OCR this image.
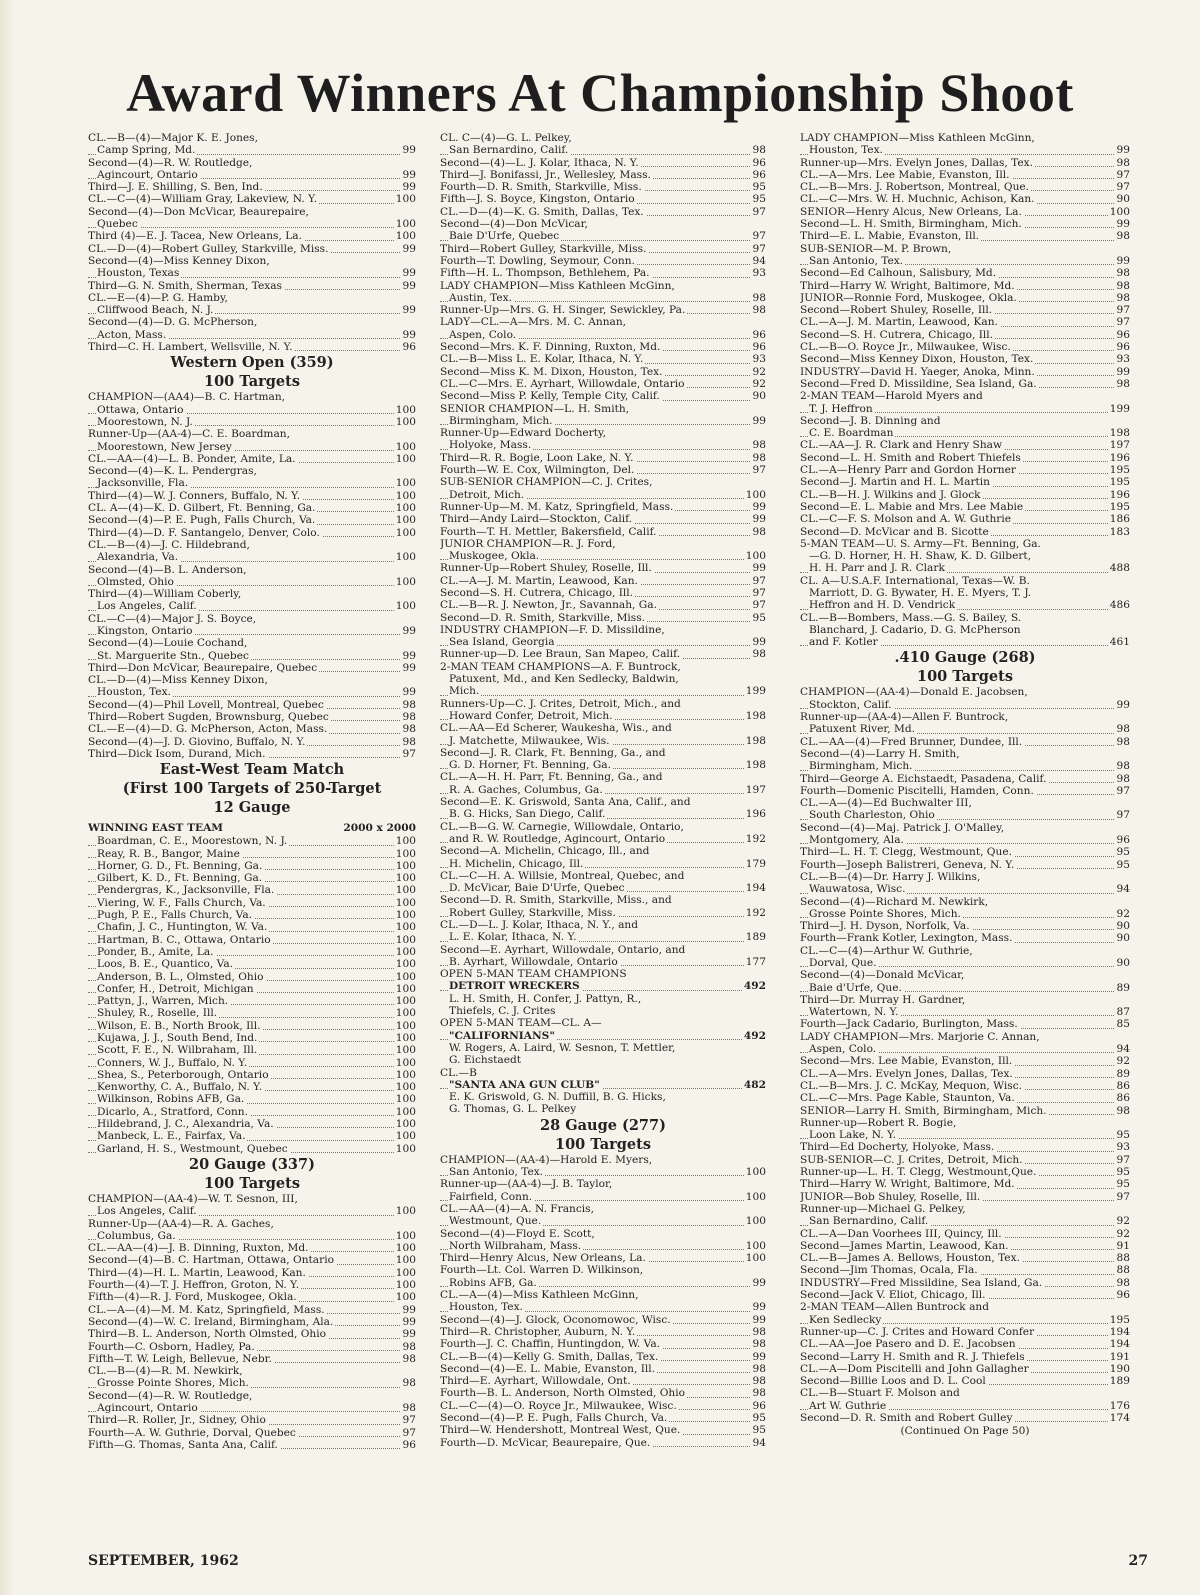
Award Winners At Championship Shoot
CL.—B—(4)—Major K. E. Jones,
Camp Spring, Md.	99
Second—(4)—R. W. Routledge,
Agincourt, Ontario	99
Third—J. E. Shilling, S. Ben, Ind.	99
CL.—C—(4)—William Gray, Lakeview, N. Y.	100
Second—(4)—Don McVicar, Beaurepaire,
Quebec	100
Third (4)—E. J. Tacea, New Orleans, La.	100
CL.—D—(4)—Robert Gulley, Starkville, Miss.	99
Second—(4)—Miss Kenney Dixon,
Houston, Texas	99
Third—G. N. Smith, Sherman, Texas	99
CL.—E—(4)—P. G. Hamby,
Cliffwood Beach, N. J.	99
Second—(4)—D. G. McPherson,
Acton, Mass.	99
Third—C. H. Lambert, Wellsville, N. Y.	96
Western Open (359)
100 Targets
CHAMPION—(AA4)—B. C. Hartman,
Ottawa, Ontario	100
Moorestown, N. J.	100
Runner-Up—(AA-4)—C. E. Boardman,
Moorestown, New Jersey	100
CL.—AA—(4)—L. B. Ponder, Amite, La.	100
Second—(4)—K. L. Pendergras,
Jacksonville, Fla.	100
Third—(4)—W. J. Conners, Buffalo, N. Y.	100
CL. A—(4)—K. D. Gilbert, Ft. Benning, Ga.	100
Second—(4)—P. E. Pugh, Falls Church, Va.	100
Third—(4)—D. F. Santangelo, Denver, Colo.	100
CL.—B—(4)—J. C. Hildebrand,
Alexandria, Va.	100
Second—(4)—B. L. Anderson,
Olmsted, Ohio	100
Third—(4)—William Coberly,
Los Angeles, Calif.	100
CL.—C—(4)—Major J. S. Boyce,
Kingston, Ontario	99
Second—(4)—Louie Cochand,
St. Marguerite Stn., Quebec	99
Third—Don McVicar, Beaurepaire, Quebec	99
CL.—D—(4)—Miss Kenney Dixon,
Houston, Tex.	99
Second—(4)—Phil Lovell, Montreal, Quebec	98
Third—Robert Sugden, Brownsburg, Quebec	98
CL.—E—(4)—D. G. McPherson, Acton, Mass.	98
Second—(4)—J. D. Giovino, Buffalo, N. Y.	98
Third—Dick Isom, Durand, Mich.	97
East-West Team Match
(First 100 Targets of 250-Target
12 Gauge
WINNING EAST TEAM	2000 x 2000
Boardman, C. E., Moorestown, N. J.	100
Reay, R. B., Bangor, Maine	100
Horner, G. D., Ft. Benning, Ga.	100
Gilbert, K. D., Ft. Benning, Ga.	100
Pendergras, K., Jacksonville, Fla.	100
Viering, W. F., Falls Church, Va.	100
Pugh, P. E., Falls Church, Va.	100
Chafin, J. C., Huntington, W. Va.	100
Hartman, B. C., Ottawa, Ontario	100
Ponder, B., Amite, La.	100
Loos, B. E., Quantico, Va.	100
Anderson, B. L., Olmsted, Ohio	100
Confer, H., Detroit, Michigan	100
Pattyn, J., Warren, Mich.	100
Shuley, R., Roselle, Ill.	100
Wilson, E. B., North Brook, Ill.	100
Kujawa, J. J., South Bend, Ind.	100
Scott, F. E., N. Wilbraham, Ill.	100
Conners, W. J., Buffalo, N. Y.	100
Shea, S., Peterborough, Ontario	100
Kenworthy, C. A., Buffalo, N. Y.	100
Wilkinson, Robins AFB, Ga.	100
Dicarlo, A., Stratford, Conn.	100
Hildebrand, J. C., Alexandria, Va.	100
Manbeck, L. E., Fairfax, Va.	100
Garland, H. S., Westmount, Quebec	100
20 Gauge (337)
100 Targets
CHAMPION—(AA-4)—W. T. Sesnon, III,
Los Angeles, Calif.	100
Runner-Up—(AA-4)—R. A. Gaches,
Columbus, Ga.	100
CL.—AA—(4)—J. B. Dinning, Ruxton, Md.	100
Second—(4)—B. C. Hartman, Ottawa, Ontario	100
Third—(4)—H. L. Martin, Leawood, Kan.	100
Fourth—(4)—T. J. Heffron, Groton, N. Y.	100
Fifth—(4)—R. J. Ford, Muskogee, Okla.	100
CL.—A—(4)—M. M. Katz, Springfield, Mass.	99
Second—(4)—W. C. Ireland, Birmingham, Ala.	99
Third—B. L. Anderson, North Olmsted, Ohio	99
Fourth—C. Osborn, Hadley, Pa.	98
Fifth—T. W. Leigh, Bellevue, Nebr.	98
CL.—B—(4)—R. M. Newkirk,
Grosse Pointe Shores, Mich.	98
Second—(4)—R. W. Routledge,
Agincourt, Ontario	98
Third—R. Roller, Jr., Sidney, Ohio	97
Fourth—A. W. Guthrie, Dorval, Quebec	97
Fifth—G. Thomas, Santa Ana, Calif.	96
CL. C—(4)—G. L. Pelkey,
San Bernardino, Calif.	98
Second—(4)—L. J. Kolar, Ithaca, N. Y.	96
Third—J. Bonifassi, Jr., Wellesley, Mass.	96
Fourth—D. R. Smith, Starkville, Miss.	95
Fifth—J. S. Boyce, Kingston, Ontario	95
CL.—D—(4)—K. G. Smith, Dallas, Tex.	97
Second—(4)—Don McVicar,
Baie D'Urfe, Quebec	97
Third—Robert Gulley, Starkville, Miss.	97
Fourth—T. Dowling, Seymour, Conn.	94
Fifth—H. L. Thompson, Bethlehem, Pa.	93
LADY CHAMPION—Miss Kathleen McGinn,
Austin, Tex.	98
Runner-Up—Mrs. G. H. Singer, Sewickley, Pa.	98
LADY—CL.—A—Mrs. M. C. Annan,
Aspen, Colo.	96
Second—Mrs. K. F. Dinning, Ruxton, Md.	96
CL.—B—Miss L. E. Kolar, Ithaca, N. Y.	93
Second—Miss K. M. Dixon, Houston, Tex.	92
CL.—C—Mrs. E. Ayrhart, Willowdale, Ontario	92
Second—Miss P. Kelly, Temple City, Calif.	90
SENIOR CHAMPION—L. H. Smith,
Birmingham, Mich.	99
Runner-Up—Edward Docherty,
Holyoke, Mass.	98
Third—R. R. Bogie, Loon Lake, N. Y.	98
Fourth—W. E. Cox, Wilmington, Del.	97
SUB-SENIOR CHAMPION—C. J. Crites,
Detroit, Mich.	100
Runner-Up—M. M. Katz, Springfield, Mass.	99
Third—Andy Laird—Stockton, Calif.	99
Fourth—T. H. Mettler, Bakersfield, Calif.	98
JUNIOR CHAMPION—R. J. Ford,
Muskogee, Okla.	100
Runner-Up—Robert Shuley, Roselle, Ill.	99
CL.—A—J. M. Martin, Leawood, Kan.	97
Second—S. H. Cutrera, Chicago, Ill.	97
CL.—B—R. J. Newton, Jr., Savannah, Ga.	97
Second—D. R. Smith, Starkville, Miss.	95
INDUSTRY CHAMPION—F. D. Missildine,
Sea Island, Georgia	99
Runner-up—D. Lee Braun, San Mapeo, Calif.	98
2-MAN TEAM CHAMPIONS—A. F. Buntrock,
Patuxent, Md., and Ken Sedlecky, Baldwin,
Mich.	199
Runners-Up—C. J. Crites, Detroit, Mich., and
Howard Confer, Detroit, Mich.	198
CL.—AA—Ed Scherer, Waukesha, Wis., and
J. Matchette, Milwaukee, Wis.	198
Second—J. R. Clark, Ft. Benning, Ga., and
G. D. Horner, Ft. Benning, Ga.	198
CL.—A—H. H. Parr, Ft. Benning, Ga., and
R. A. Gaches, Columbus, Ga.	197
Second—E. K. Griswold, Santa Ana, Calif., and
B. G. Hicks, San Diego, Calif.	196
CL.—B—G. W. Carnegie, Willowdale, Ontario,
and R. W. Routledge, Agincourt, Ontario	192
Second—A. Michelin, Chicago, Ill., and
H. Michelin, Chicago, Ill.	179
CL.—C—H. A. Willsie, Montreal, Quebec, and
D. McVicar, Baie D'Urfe, Quebec	194
Second—D. R. Smith, Starkville, Miss., and
Robert Gulley, Starkville, Miss.	192
CL.—D—L. J. Kolar, Ithaca, N. Y., and
L. E. Kolar, Ithaca, N. Y.	189
Second—E. Ayrhart, Willowdale, Ontario, and
B. Ayrhart, Willowdale, Ontario	177
OPEN 5-MAN TEAM CHAMPIONS
DETROIT WRECKERS	492
L. H. Smith, H. Confer, J. Pattyn, R.,
Thiefels, C. J. Crites
OPEN 5-MAN TEAM—CL. A—
"CALIFORNIANS"	492
W. Rogers, A. Laird, W. Sesnon, T. Mettler,
G. Eichstaedt
CL.—B
"SANTA ANA GUN CLUB"	482
E. K. Griswold, G. N. Duffill, B. G. Hicks,
G. Thomas, G. L. Pelkey
28 Gauge (277)
100 Targets
CHAMPION—(AA-4)—Harold E. Myers,
San Antonio, Tex.	100
Runner-up—(AA-4)—J. B. Taylor,
Fairfield, Conn.	100
CL.—AA—(4)—A. N. Francis,
Westmount, Que.	100
Second—(4)—Floyd E. Scott,
North Wilbraham, Mass.	100
Third—Henry Alcus, New Orleans, La.	100
Fourth—Lt. Col. Warren D. Wilkinson,
Robins AFB, Ga.	99
CL.—A—(4)—Miss Kathleen McGinn,
Houston, Tex.	99
Second—(4)—J. Glock, Oconomowoc, Wisc.	99
Third—R. Christopher, Auburn, N. Y.	98
Fourth—J. C. Chaffin, Huntingdon, W. Va.	98
CL.—B—(4)—Kelly G. Smith, Dallas, Tex.	99
Second—(4)—E. L. Mabie, Evanston, Ill.	98
Third—E. Ayrhart, Willowdale, Ont.	98
Fourth—B. L. Anderson, North Olmsted, Ohio	98
CL.—C—(4)—O. Royce Jr., Milwaukee, Wisc.	96
Second—(4)—P. E. Pugh, Falls Church, Va.	95
Third—W. Hendershott, Montreal West, Que.	95
Fourth—D. McVicar, Beaurepaire, Que.	94
LADY CHAMPION—Miss Kathleen McGinn,
Houston, Tex.	99
Runner-up—Mrs. Evelyn Jones, Dallas, Tex.	98
CL.—A—Mrs. Lee Mabie, Evanston, Ill.	97
CL.—B—Mrs. J. Robertson, Montreal, Que.	97
CL.—C—Mrs. W. H. Muchnic, Achison, Kan.	90
SENIOR—Henry Alcus, New Orleans, La.	100
Second—L. H. Smith, Birmingham, Mich.	99
Third—E. L. Mabie, Evanston, Ill.	98
SUB-SENIOR—M. P. Brown,
San Antonio, Tex.	99
Second—Ed Calhoun, Salisbury, Md.	98
Third—Harry W. Wright, Baltimore, Md.	98
JUNIOR—Ronnie Ford, Muskogee, Okla.	98
Second—Robert Shuley, Roselle, Ill.	97
CL.—A—J. M. Martin, Leawood, Kan.	97
Second—S. H. Cutrera, Chicago, Ill.	96
CL.—B—O. Royce Jr., Milwaukee, Wisc.	96
Second—Miss Kenney Dixon, Houston, Tex.	93
INDUSTRY—David H. Yaeger, Anoka, Minn.	99
Second—Fred D. Missildine, Sea Island, Ga.	98
2-MAN TEAM—Harold Myers and
T. J. Heffron	199
Second—J. B. Dinning and
C. E. Boardman	198
CL.—AA—J. R. Clark and Henry Shaw	197
Second—L. H. Smith and Robert Thiefels	196
CL.—A—Henry Parr and Gordon Horner	195
Second—J. Martin and H. L. Martin	195
CL.—B—H. J. Wilkins and J. Glock	196
Second—E. L. Mabie and Mrs. Lee Mabie	195
CL.—C—F. S. Molson and A. W. Guthrie	186
Second—D. McVicar and B. Sicotte	183
5-MAN TEAM—U. S. Army—Ft. Benning, Ga.
—G. D. Horner, H. H. Shaw, K. D. Gilbert,
H. H. Parr and J. R. Clark	488
CL. A—U.S.A.F. International, Texas—W. B.
Marriott, D. G. Bywater, H. E. Myers, T. J.
Heffron and H. D. Vendrick	486
CL.—B—Bombers, Mass.—G. S. Bailey, S.
Blanchard, J. Cadario, D. G. McPherson
and F. Kotler	461
.410 Gauge (268)
100 Targets
CHAMPION—(AA-4)—Donald E. Jacobsen,
Stockton, Calif.	99
Runner-up—(AA-4)—Allen F. Buntrock,
Patuxent River, Md.	98
CL.—AA—(4)—Fred Brunner, Dundee, Ill.	98
Second—(4)—Larry H. Smith,
Birmingham, Mich.	98
Third—George A. Eichstaedt, Pasadena, Calif.	98
Fourth—Domenic Piscitelli, Hamden, Conn.	97
CL.—A—(4)—Ed Buchwalter III,
South Charleston, Ohio	97
Second—(4)—Maj. Patrick J. O'Malley,
Montgomery, Ala.	96
Third—L. H. T. Clegg, Westmount, Que.	95
Fourth—Joseph Balistreri, Geneva, N. Y.	95
CL.—B—(4)—Dr. Harry J. Wilkins,
Wauwatosa, Wisc.	94
Second—(4)—Richard M. Newkirk,
Grosse Pointe Shores, Mich.	92
Third—J. H. Dyson, Norfolk, Va.	90
Fourth—Frank Kotler, Lexington, Mass.	90
CL.—C—(4)—Arthur W. Guthrie,
Dorval, Que.	90
Second—(4)—Donald McVicar,
Baie d'Urfe, Que.	89
Third—Dr. Murray H. Gardner,
Watertown, N. Y.	87
Fourth—Jack Cadario, Burlington, Mass.	85
LADY CHAMPION—Mrs. Marjorie C. Annan,
Aspen, Colo.	94
Second—Mrs. Lee Mabie, Evanston, Ill.	92
CL.—A—Mrs. Evelyn Jones, Dallas, Tex.	89
CL.—B—Mrs. J. C. McKay, Mequon, Wisc.	86
CL.—C—Mrs. Page Kable, Staunton, Va.	86
SENIOR—Larry H. Smith, Birmingham, Mich.	98
Runner-up—Robert R. Bogie,
Loon Lake, N. Y.	95
Third—Ed Docherty, Holyoke, Mass.	93
SUB-SENIOR—C. J. Crites, Detroit, Mich.	97
Runner-up—L. H. T. Clegg, Westmount,Que.	95
Third—Harry W. Wright, Baltimore, Md.	95
JUNIOR—Bob Shuley, Roselle, Ill.	97
Runner-up—Michael G. Pelkey,
San Bernardino, Calif.	92
CL.—A—Dan Voorhees III, Quincy, Ill.	92
Second—James Martin, Leawood, Kan.	91
CL.—B—James A. Bellows, Houston, Tex.	88
Second—Jim Thomas, Ocala, Fla.	88
INDUSTRY—Fred Missildine, Sea Island, Ga.	98
Second—Jack V. Eliot, Chicago, Ill.	96
2-MAN TEAM—Allen Buntrock and
Ken Sedlecky	195
Runner-up—C. J. Crites and Howard Confer	194
CL.—AA—Joe Pasero and D. E. Jacobsen	194
Second—Larry H. Smith and R. J. Thiefels	191
CL.—A—Dom Piscitelli and John Gallagher	190
Second—Billie Loos and D. L. Cool	189
CL.—B—Stuart F. Molson and
Art W. Guthrie	176
Second—D. R. Smith and Robert Gulley	174
(Continued On Page 50)
SEPTEMBER, 1962	27
